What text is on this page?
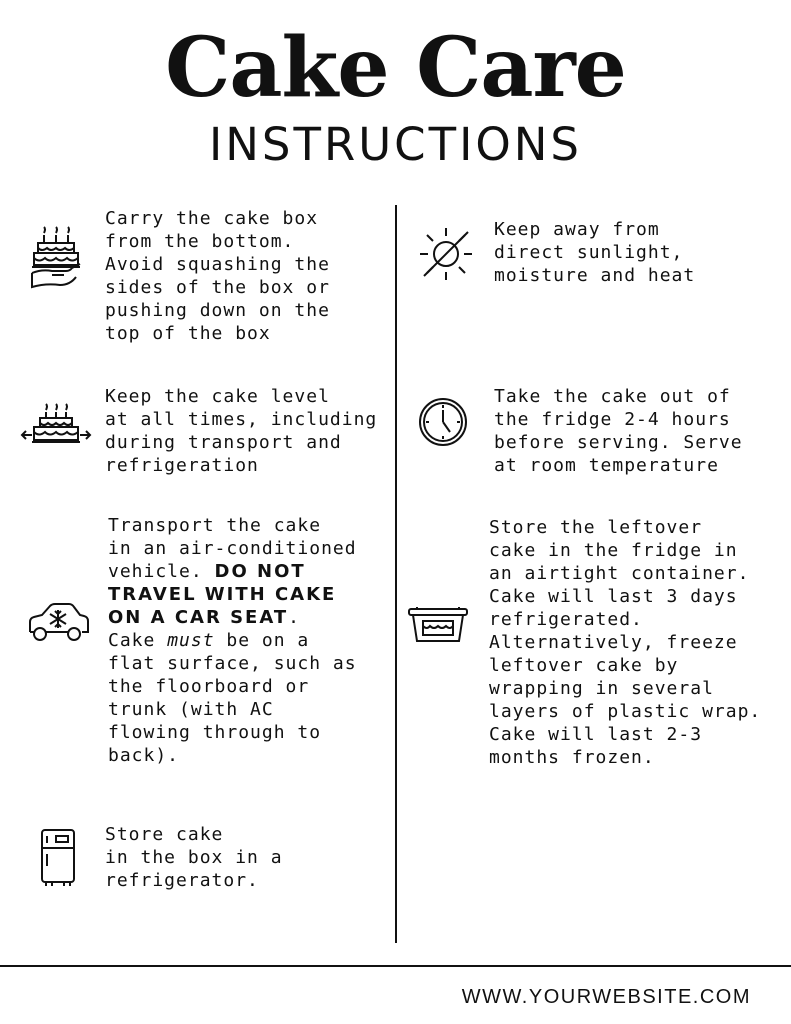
Cake Care
INSTRUCTIONS

Carry the cake box
from the bottom.
Avoid squashing the
sides of the box or
pushing down on the
top of the box

Keep the cake level
at all times, including
during transport and
refrigeration

Transport the cake
in an air-conditioned
vehicle. DO NOT
TRAVEL WITH CAKE
ON A CAR SEAT.
Cake must be on a
flat surface, such as
the floorboard or
trunk (with AC
flowing through to
back).

Store cake
in the box in a
refrigerator.

Keep away from
direct sunlight,
moisture and heat

Take the cake out of
the fridge 2-4 hours
before serving. Serve
at room temperature

Store the leftover
cake in the fridge in
an airtight container.
Cake will last 3 days
refrigerated.
Alternatively, freeze
leftover cake by
wrapping in several
layers of plastic wrap.
Cake will last 2-3
months frozen.

WWW.YOURWEBSITE.COM
